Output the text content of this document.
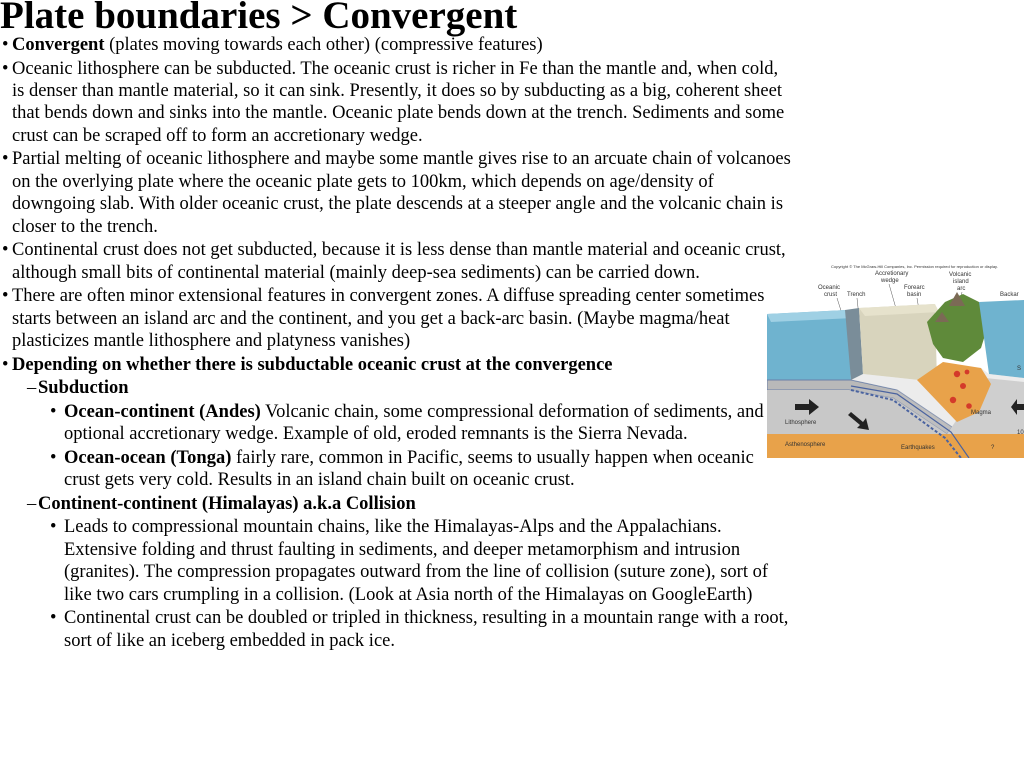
Plate boundaries > Convergent
• Convergent (plates moving towards each other) (compressive features)
• Oceanic lithosphere can be subducted. The oceanic crust is richer in Fe than the mantle and, when cold, is denser than mantle material, so it can sink. Presently, it does so by subducting as a big, coherent sheet that bends down and sinks into the mantle. Oceanic plate bends down at the trench. Sediments and some crust can be scraped off to form an accretionary wedge.
• Partial melting of oceanic lithosphere and maybe some mantle gives rise to an arcuate chain of volcanoes on the overlying plate where the oceanic plate gets to 100km, which depends on age/density of downgoing slab. With older oceanic crust, the plate descends at a steeper angle and the volcanic chain is closer to the trench.
• Continental crust does not get subducted, because it is less dense than mantle material and oceanic crust, although small bits of continental material (mainly deep-sea sediments) can be carried down.
• There are often minor extensional features in convergent zones. A diffuse spreading center sometimes starts between an island arc and the continent, and you get a back-arc basin. (Maybe magma/heat plasticizes mantle lithosphere and platyness vanishes)
• Depending on whether there is subductable oceanic crust at the convergence
– Subduction
• Ocean-continent (Andes) Volcanic chain, some compressional deformation of sediments, and optional accretionary wedge. Example of old, eroded remnants is the Sierra Nevada.
• Ocean-ocean (Tonga) fairly rare, common in Pacific, seems to usually happen when oceanic crust gets very cold. Results in an island chain built on oceanic crust.
– Continent-continent (Himalayas) a.k.a Collision
• Leads to compressional mountain chains, like the Himalayas-Alps and the Appalachians. Extensive folding and thrust faulting in sediments, and deeper metamorphism and intrusion (granites). The compression propagates outward from the line of collision (suture zone), sort of like two cars crumpling in a collision. (Look at Asia north of the Himalayas on GoogleEarth)
• Continental crust can be doubled or tripled in thickness, resulting in a mountain range with a root, sort of like an iceberg embedded in pack ice.
Copyright © The McGraw-Hill Companies, Inc. Permission required for reproduction or display.
Accretionary
wedge
Oceanic
crust Trench
Forearc
basin
Volcanic
island
arc
Backar
Lithosphere
Magma
Asthenosphere	Earthquakes	?
S
10
